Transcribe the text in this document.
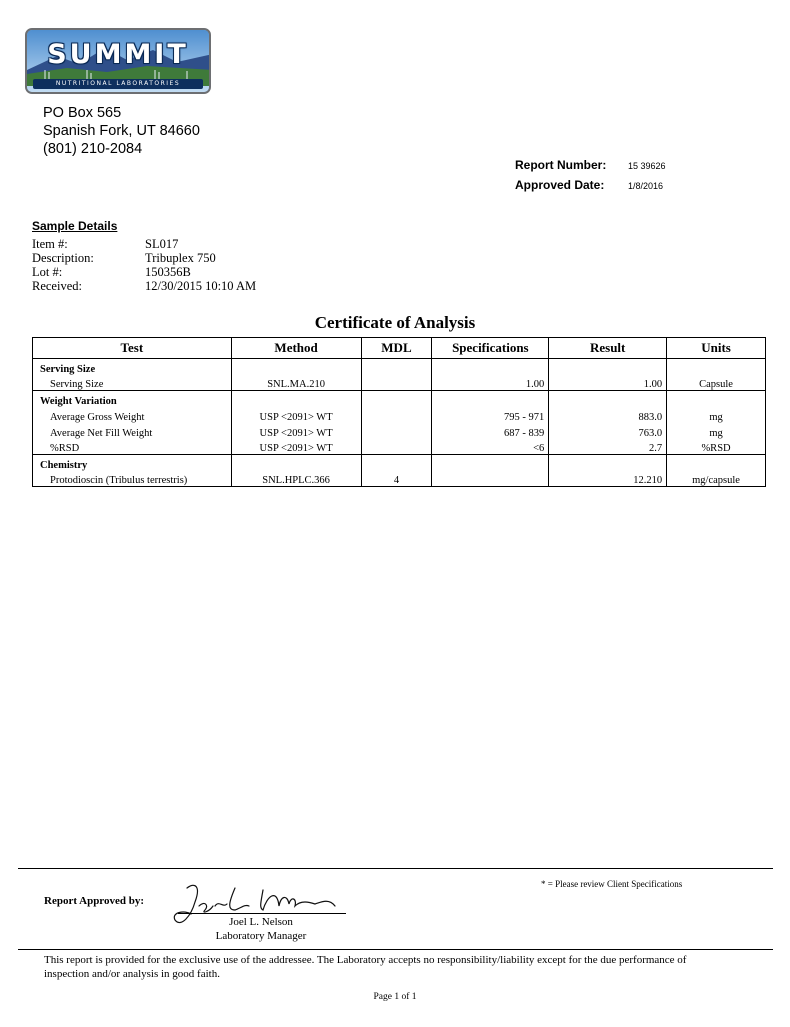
SUMMIT
NUTRITIONAL LABORATORIES
PO Box 565
Spanish Fork, UT 84660
(801) 210-2084
Report Number:	15 39626
Approved Date:	1/8/2016
Sample Details
Item #:	SL017
Description:	Tribuplex 750
Lot #:	150356B
Received:	12/30/2015 10:10 AM
Certificate of Analysis
Test	Method	MDL	Specifications	Result	Units
Serving Size					
Serving Size	SNL.MA.210		1.00	1.00	Capsule
Weight Variation					
Average Gross Weight	USP <2091> WT		795 - 971	883.0	mg
Average Net Fill Weight	USP <2091> WT		687 - 839	763.0	mg
%RSD	USP <2091> WT		<6	2.7	%RSD
Chemistry					
Protodioscin (Tribulus terrestris)	SNL.HPLC.366	4		12.210	mg/capsule
Report Approved by:
Joel L. Nelson
Laboratory Manager
* = Please review Client Specifications
This report is provided for the exclusive use of the addressee. The Laboratory accepts no responsibility/liability except for the due performance of inspection and/or analysis in good faith.
Page 1 of 1
